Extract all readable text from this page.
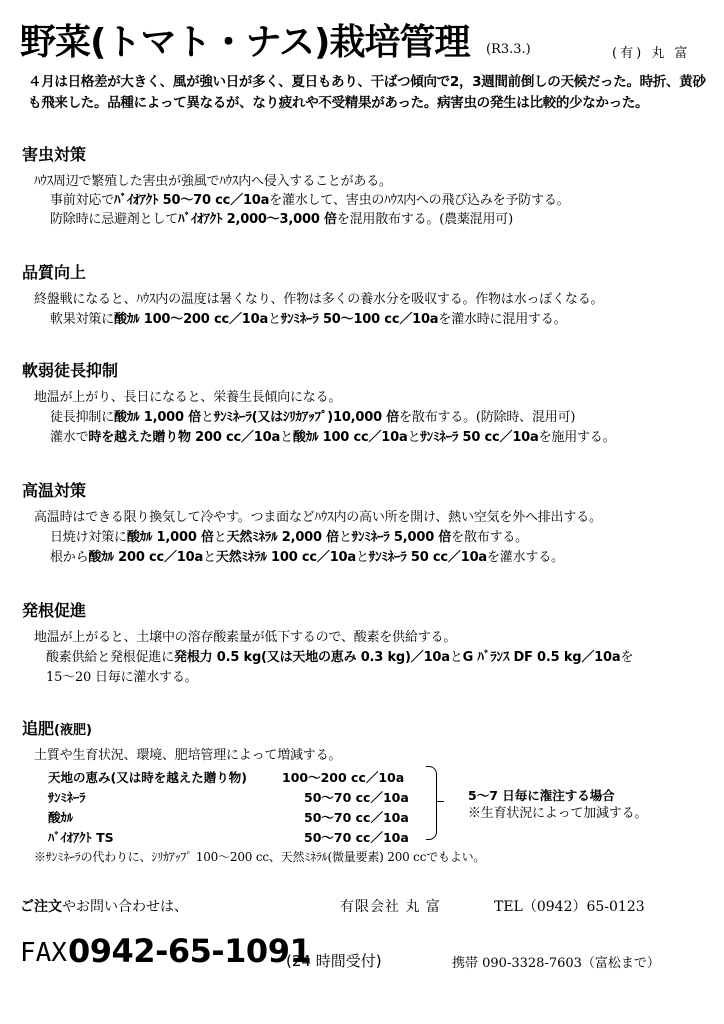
野菜(トマト・ナス)栽培管理 (R3.3.)	(有) 丸 富
４月は日格差が大きく、風が強い日が多く、夏日もあり、干ばつ傾向で2，3週間前倒しの天候だった。時折、黄砂も飛来した。品種によって異なるが、なり疲れや不受精果があった。病害虫の発生は比較的少なかった。
害虫対策
ﾊｳｽ周辺で繁殖した害虫が強風でﾊｳｽ内へ侵入することがある。
事前対応でﾊﾞｲｵｱｸﾄ 50～70 cc／10aを灌水して、害虫のﾊｳｽ内への飛び込みを予防する。
防除時に忌避剤としてﾊﾞｲｵｱｸﾄ 2,000～3,000 倍を混用散布する。(農薬混用可)
品質向上
終盤戦になると、ﾊｳｽ内の温度は暑くなり、作物は多くの養水分を吸収する。作物は水っぽくなる。
軟果対策に酸ｶﾙ 100～200 cc／10aとｻﾝﾐﾈｰﾗ 50～100 cc／10aを灌水時に混用する。
軟弱徒長抑制
地温が上がり、長日になると、栄養生長傾向になる。
徒長抑制に酸ｶﾙ 1,000 倍とｻﾝﾐﾈｰﾗ(又はｼﾘｶｱｯﾌﾟ)10,000 倍を散布する。(防除時、混用可)
灌水で時を越えた贈り物 200 cc／10aと酸ｶﾙ 100 cc／10aとｻﾝﾐﾈｰﾗ 50 cc／10aを施用する。
高温対策
高温時はできる限り換気して冷やす。つま面などﾊｳｽ内の高い所を開け、熱い空気を外へ排出する。
日焼け対策に酸ｶﾙ 1,000 倍と天然ﾐﾈﾗﾙ 2,000 倍とｻﾝﾐﾈｰﾗ 5,000 倍を散布する。
根から酸ｶﾙ 200 cc／10aと天然ﾐﾈﾗﾙ 100 cc／10aとｻﾝﾐﾈｰﾗ 50 cc／10aを灌水する。
発根促進
地温が上がると、土壌中の溶存酸素量が低下するので、酸素を供給する。
酸素供給と発根促進に発根力 0.5 kg(又は天地の恵み 0.3 kg)／10aとG ﾊﾞﾗﾝｽ DF 0.5 kg／10aを
15～20 日毎に灌水する。
追肥(液肥)
土質や生育状況、環境、肥培管理によって増減する。
天地の恵み(又は時を越えた贈り物)	100～200 cc／10a
ｻﾝﾐﾈｰﾗ	50～70 cc／10a
酸ｶﾙ	50～70 cc／10a
ﾊﾞｲｵｱｸﾄ TS	50～70 cc／10a
5～7 日毎に潅注する場合
※生育状況によって加減する。
※ｻﾝﾐﾈｰﾗの代わりに、ｼﾘｶｱｯﾌﾟ 100～200 cc、天然ﾐﾈﾗﾙ(微量要素) 200 ccでもよい。
ご注文やお問い合わせは、	有限会社 丸 富	TEL（0942）65-0123
FAX 0942-65-1091
(24 時間受付)	携帯 090-3328-7603（富松まで）
